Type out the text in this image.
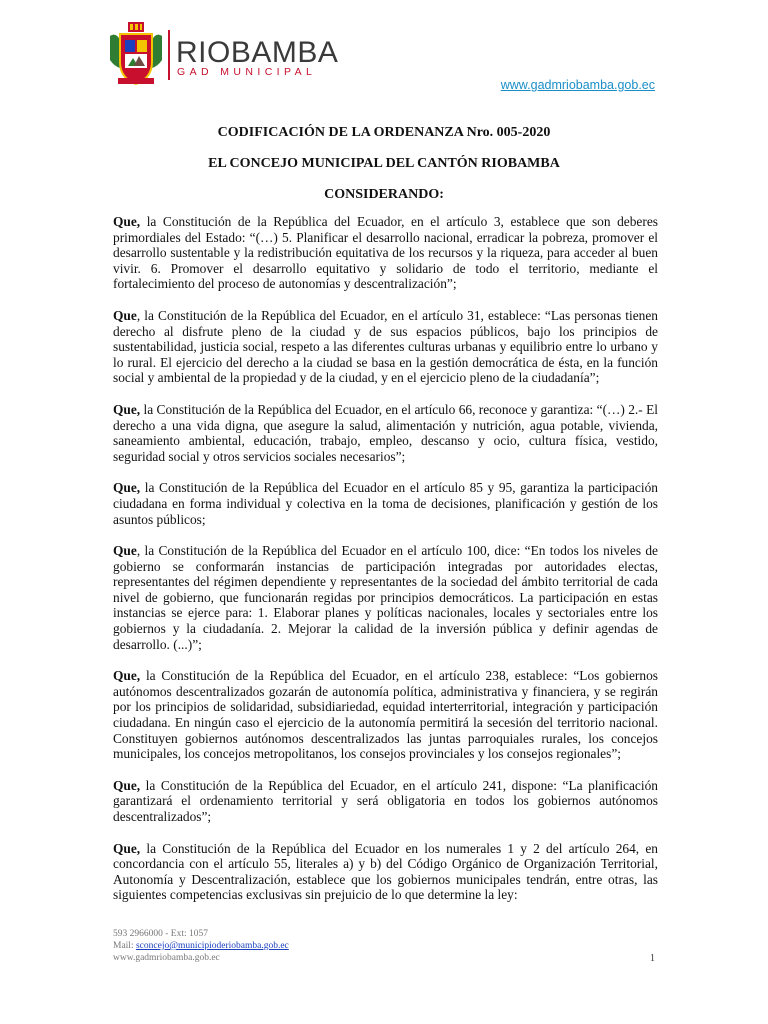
RIOBAMBA
GAD MUNICIPAL
www.gadmriobamba.gob.ec
CODIFICACIÓN DE LA ORDENANZA Nro. 005-2020
EL CONCEJO MUNICIPAL DEL CANTÓN RIOBAMBA
CONSIDERANDO:

Que, la Constitución de la República del Ecuador, en el artículo 3, establece que son deberes primordiales del Estado: “(…) 5. Planificar el desarrollo nacional, erradicar la pobreza, promover el desarrollo sustentable y la redistribución equitativa de los recursos y la riqueza, para acceder al buen vivir. 6. Promover el desarrollo equitativo y solidario de todo el territorio, mediante el fortalecimiento del proceso de autonomías y descentralización”;

Que, la Constitución de la República del Ecuador, en el artículo 31, establece: “Las personas tienen derecho al disfrute pleno de la ciudad y de sus espacios públicos, bajo los principios de sustentabilidad, justicia social, respeto a las diferentes culturas urbanas y equilibrio entre lo urbano y lo rural. El ejercicio del derecho a la ciudad se basa en la gestión democrática de ésta, en la función social y ambiental de la propiedad y de la ciudad, y en el ejercicio pleno de la ciudadanía”;

Que, la Constitución de la República del Ecuador, en el artículo 66, reconoce y garantiza: “(…) 2.- El derecho a una vida digna, que asegure la salud, alimentación y nutrición, agua potable, vivienda, saneamiento ambiental, educación, trabajo, empleo, descanso y ocio, cultura física, vestido, seguridad social y otros servicios sociales necesarios”;

Que, la Constitución de la República del Ecuador en el artículo 85 y 95, garantiza la participación ciudadana en forma individual y colectiva en la toma de decisiones, planificación y gestión de los asuntos públicos;

Que, la Constitución de la República del Ecuador en el artículo 100, dice: “En todos los niveles de gobierno se conformarán instancias de participación integradas por autoridades electas, representantes del régimen dependiente y representantes de la sociedad del ámbito territorial de cada nivel de gobierno, que funcionarán regidas por principios democráticos. La participación en estas instancias se ejerce para: 1. Elaborar planes y políticas nacionales, locales y sectoriales entre los gobiernos y la ciudadanía. 2. Mejorar la calidad de la inversión pública y definir agendas de desarrollo. (...)”;

Que, la Constitución de la República del Ecuador, en el artículo 238, establece: “Los gobiernos autónomos descentralizados gozarán de autonomía política, administrativa y financiera, y se regirán por los principios de solidaridad, subsidiariedad, equidad interterritorial, integración y participación ciudadana. En ningún caso el ejercicio de la autonomía permitirá la secesión del territorio nacional. Constituyen gobiernos autónomos descentralizados las juntas parroquiales rurales, los concejos municipales, los concejos metropolitanos, los consejos provinciales y los consejos regionales”;

Que, la Constitución de la República del Ecuador, en el artículo 241, dispone: “La planificación garantizará el ordenamiento territorial y será obligatoria en todos los gobiernos autónomos descentralizados”;

Que, la Constitución de la República del Ecuador en los numerales 1 y 2 del artículo 264, en concordancia con el artículo 55, literales a) y b) del Código Orgánico de Organización Territorial, Autonomía y Descentralización, establece que los gobiernos municipales tendrán, entre otras, las siguientes competencias exclusivas sin prejuicio de lo que determine la ley:

593 2966000 - Ext: 1057
Mail: sconcejo@municipioderiobamba.gob.ec
www.gadmriobamba.gob.ec	1
